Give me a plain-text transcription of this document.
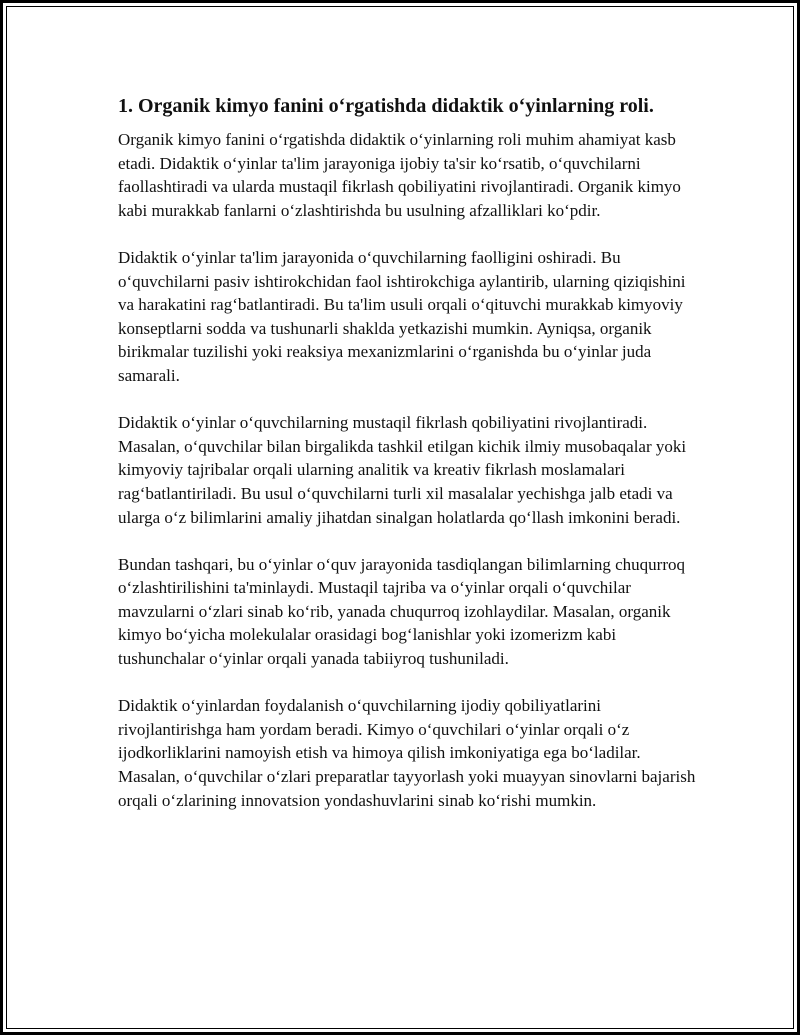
1. Organik kimyo fanini o‘rgatishda didaktik o‘yinlarning roli.

Organik kimyo fanini o‘rgatishda didaktik o‘yinlarning roli muhim ahamiyat kasb etadi. Didaktik o‘yinlar ta'lim jarayoniga ijobiy ta'sir ko‘rsatib, o‘quvchilarni faollashtiradi va ularda mustaqil fikrlash qobiliyatini rivojlantiradi. Organik kimyo kabi murakkab fanlarni o‘zlashtirishda bu usulning afzalliklari ko‘pdir.

Didaktik o‘yinlar ta'lim jarayonida o‘quvchilarning faolligini oshiradi. Bu o‘quvchilarni pasiv ishtirokchidan faol ishtirokchiga aylantirib, ularning qiziqishini va harakatini rag‘batlantiradi. Bu ta'lim usuli orqali o‘qituvchi murakkab kimyoviy konseptlarni sodda va tushunarli shaklda yetkazishi mumkin. Ayniqsa, organik birikmalar tuzilishi yoki reaksiya mexanizmlarini o‘rganishda bu o‘yinlar juda samarali.

Didaktik o‘yinlar o‘quvchilarning mustaqil fikrlash qobiliyatini rivojlantiradi. Masalan, o‘quvchilar bilan birgalikda tashkil etilgan kichik ilmiy musobaqalar yoki kimyoviy tajribalar orqali ularning analitik va kreativ fikrlash moslamalari rag‘batlantiriladi. Bu usul o‘quvchilarni turli xil masalalar yechishga jalb etadi va ularga o‘z bilimlarini amaliy jihatdan sinalgan holatlarda qo‘llash imkonini beradi.

Bundan tashqari, bu o‘yinlar o‘quv jarayonida tasdiqlangan bilimlarning chuqurroq o‘zlashtirilishini ta'minlaydi. Mustaqil tajriba va o‘yinlar orqali o‘quvchilar mavzularni o‘zlari sinab ko‘rib, yanada chuqurroq izohlaydilar. Masalan, organik kimyo bo‘yicha molekulalar orasidagi bog‘lanishlar yoki izomerizm kabi tushunchalar o‘yinlar orqali yanada tabiiyroq tushuniladi.

Didaktik o‘yinlardan foydalanish o‘quvchilarning ijodiy qobiliyatlarini rivojlantirishga ham yordam beradi. Kimyo o‘quvchilari o‘yinlar orqali o‘z ijodkorliklarini namoyish etish va himoya qilish imkoniyatiga ega bo‘ladilar. Masalan, o‘quvchilar o‘zlari preparatlar tayyorlash yoki muayyan sinovlarni bajarish orqali o‘zlarining innovatsion yondashuvlarini sinab ko‘rishi mumkin.
